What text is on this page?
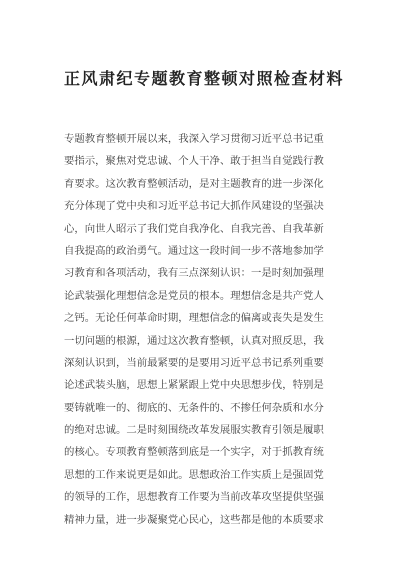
正风肃纪专题教育整顿对照检查材料
专题教育整顿开展以来，我深入学习贯彻习近平总书记重
要指示，聚焦对党忠诚、个人干净、敢于担当自觉践行教
育要求。这次教育整顿活动，是对主题教育的进一步深化
充分体现了党中央和习近平总书记大抓作风建设的坚强决
心，向世人昭示了我们党自我净化、自我完善、自我革新
自我提高的政治勇气。通过这一段时间一步不落地参加学
习教育和各项活动，我有三点深刻认识：一是时刻加强理
论武装强化理想信念是党员的根本。理想信念是共产党人
之钙。无论任何革命时期，理想信念的偏离或丧失是发生
一切问题的根源，通过这次教育整顿，认真对照反思，我
深刻认识到，当前最紧要的是要用习近平总书记系列重要
论述武装头脑，思想上紧紧跟上党中央思想步伐，特别是
要铸就唯一的、彻底的、无条件的、不掺任何杂质和水分
的绝对忠诚。二是时刻围绕改革发展服实教育引领是履职
的核心。专项教育整顿落到底是一个实字，对于抓教育统
思想的工作来说更是如此。思想政治工作实质上是强固党
的领导的工作，思想教育工作要为当前改革攻坚提供坚强
精神力量，进一步凝聚党心民心，这些都是他的本质要求
